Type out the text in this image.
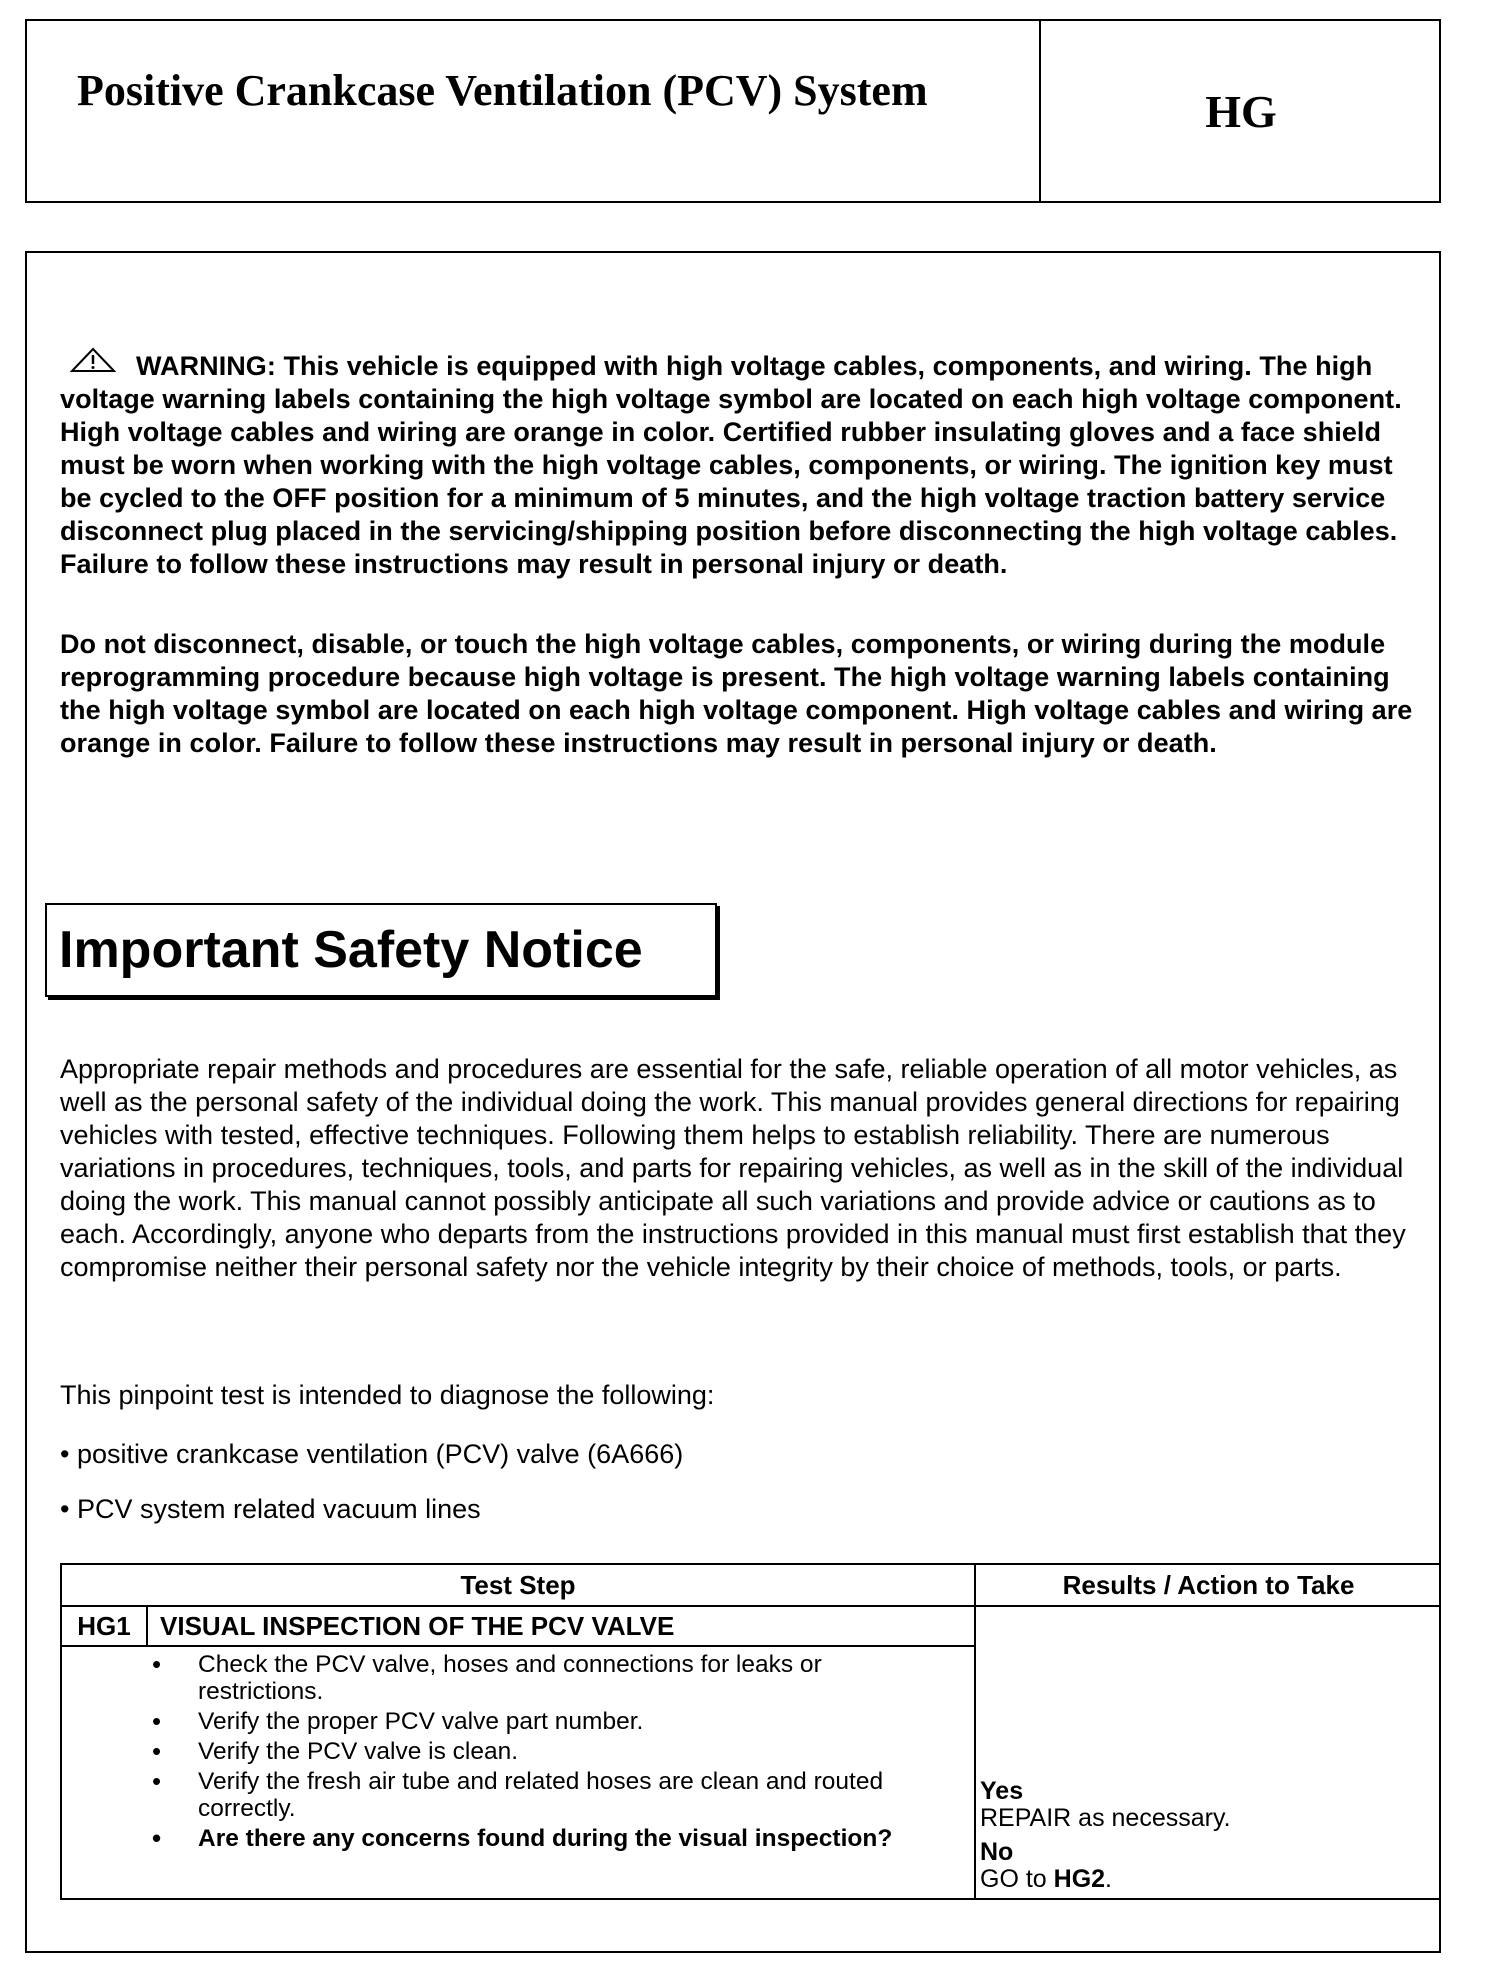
Positive Crankcase Ventilation (PCV) System	HG
WARNING: This vehicle is equipped with high voltage cables, components, and wiring. The high voltage warning labels containing the high voltage symbol are located on each high voltage component. High voltage cables and wiring are orange in color. Certified rubber insulating gloves and a face shield must be worn when working with the high voltage cables, components, or wiring. The ignition key must be cycled to the OFF position for a minimum of 5 minutes, and the high voltage traction battery service disconnect plug placed in the servicing/shipping position before disconnecting the high voltage cables. Failure to follow these instructions may result in personal injury or death.
Do not disconnect, disable, or touch the high voltage cables, components, or wiring during the module reprogramming procedure because high voltage is present. The high voltage warning labels containing the high voltage symbol are located on each high voltage component. High voltage cables and wiring are orange in color. Failure to follow these instructions may result in personal injury or death.
Important Safety Notice
Appropriate repair methods and procedures are essential for the safe, reliable operation of all motor vehicles, as well as the personal safety of the individual doing the work. This manual provides general directions for repairing vehicles with tested, effective techniques. Following them helps to establish reliability. There are numerous variations in procedures, techniques, tools, and parts for repairing vehicles, as well as in the skill of the individual doing the work. This manual cannot possibly anticipate all such variations and provide advice or cautions as to each. Accordingly, anyone who departs from the instructions provided in this manual must first establish that they compromise neither their personal safety nor the vehicle integrity by their choice of methods, tools, or parts.
This pinpoint test is intended to diagnose the following:
• positive crankcase ventilation (PCV) valve (6A666)
• PCV system related vacuum lines
Test Step	Results / Action to Take
HG1	VISUAL INSPECTION OF THE PCV VALVE
• Check the PCV valve, hoses and connections for leaks or restrictions.
• Verify the proper PCV valve part number.
• Verify the PCV valve is clean.
• Verify the fresh air tube and related hoses are clean and routed correctly.
• Are there any concerns found during the visual inspection?
Yes
REPAIR as necessary.
No
GO to HG2.
